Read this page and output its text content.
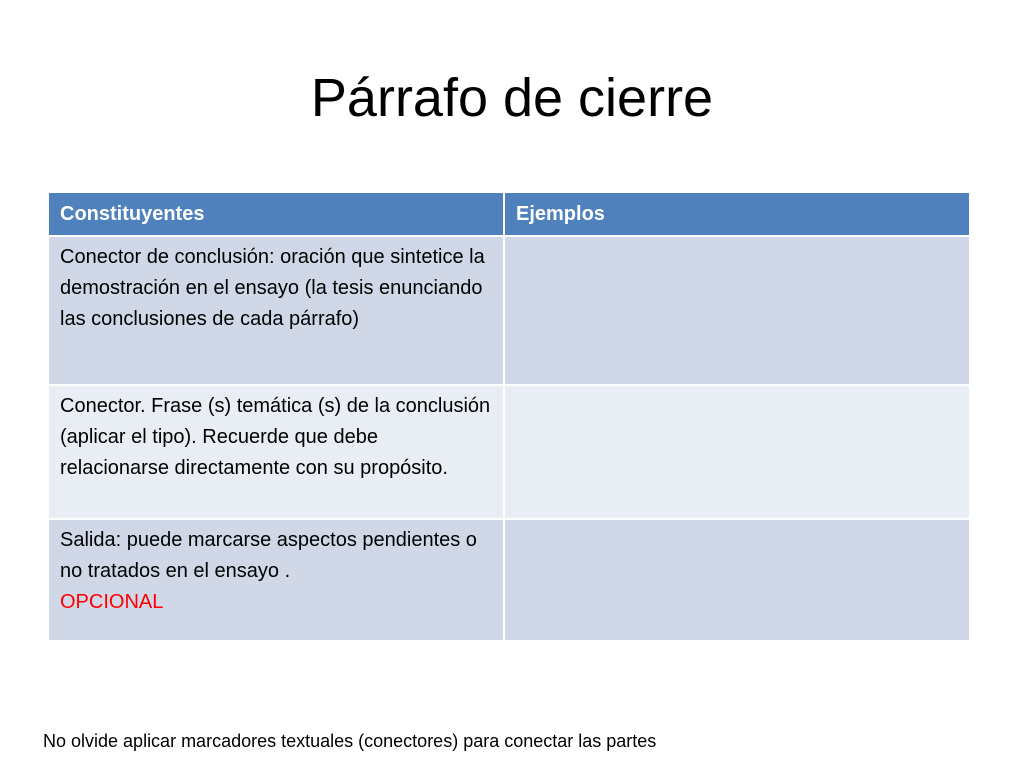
Párrafo de cierre
Constituyentes	Ejemplos
Conector de conclusión: oración que sintetice la demostración en el ensayo (la tesis enunciando las conclusiones de cada párrafo)	
Conector. Frase (s) temática (s) de la conclusión (aplicar el tipo). Recuerde que debe relacionarse directamente con su propósito.	
Salida: puede marcarse aspectos pendientes o no tratados en el ensayo .
OPCIONAL	
No olvide aplicar marcadores textuales (conectores) para conectar las partes
